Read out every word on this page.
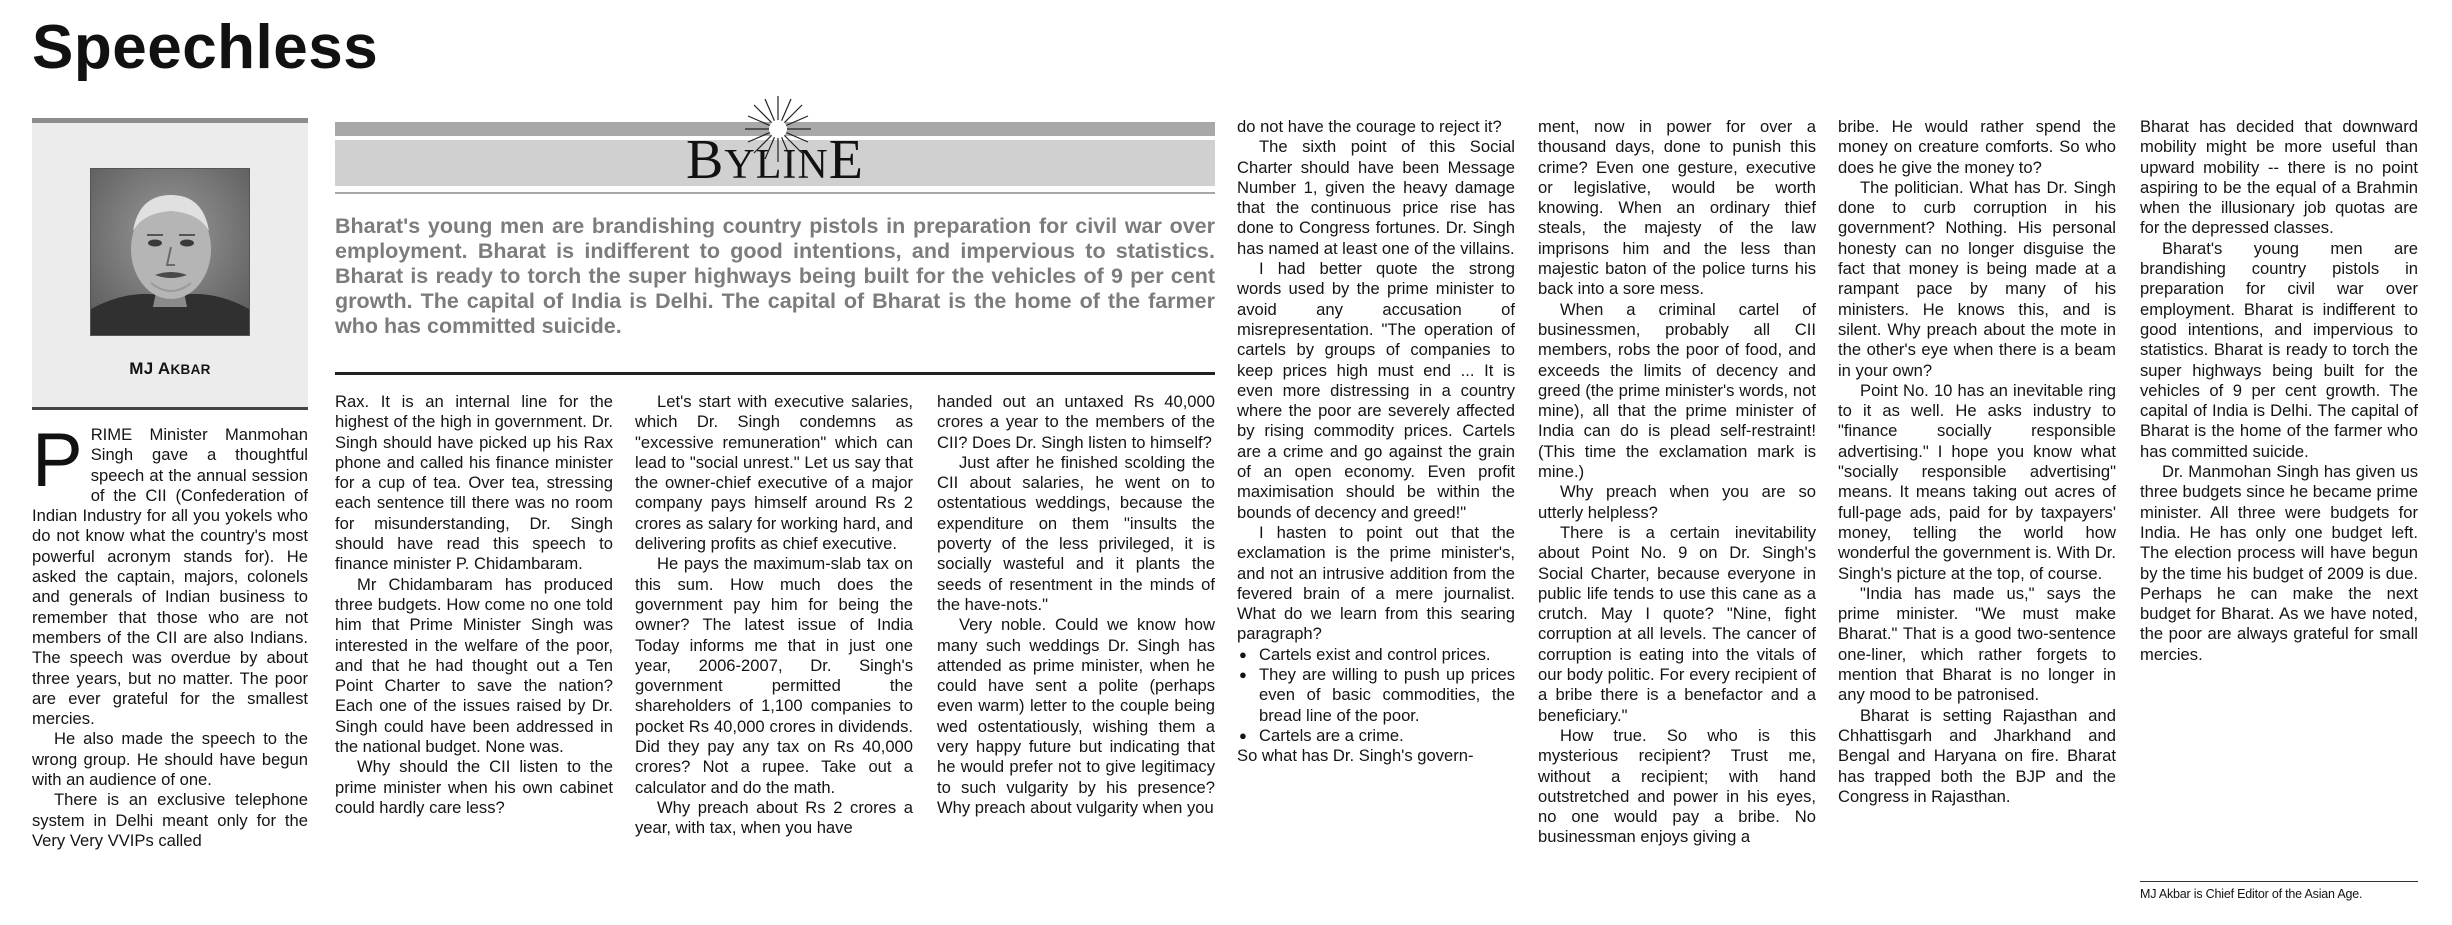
Speechless
MJ AKBAR
BYLINE

Bharat's young men are brandishing country pistols in preparation for civil war over employment. Bharat is indifferent to good intentions, and impervious to statistics. Bharat is ready to torch the super highways being built for the vehicles of 9 per cent growth. The capital of India is Delhi. The capital of Bharat is the home of the farmer who has committed suicide.

PRIME Minister Manmohan Singh gave a thoughtful speech at the annual session of the CII (Confederation of Indian Industry for all you yokels who do not know what the country's most powerful acronym stands for). He asked the captain, majors, colonels and generals of Indian business to remember that those who are not members of the CII are also Indians. The speech was overdue by about three years, but no matter. The poor are ever grateful for the smallest mercies.

He also made the speech to the wrong group. He should have begun with an audience of one.

There is an exclusive telephone system in Delhi meant only for the Very Very VVIPs called

Rax. It is an internal line for the highest of the high in government. Dr. Singh should have picked up his Rax phone and called his finance minister for a cup of tea. Over tea, stressing each sentence till there was no room for misunderstanding, Dr. Singh should have read this speech to finance minister P. Chidambaram.

Mr Chidambaram has produced three budgets. How come no one told him that Prime Minister Singh was interested in the welfare of the poor, and that he had thought out a Ten Point Charter to save the nation? Each one of the issues raised by Dr. Singh could have been addressed in the national budget. None was.

Why should the CII listen to the prime minister when his own cabinet could hardly care less?

Let's start with executive salaries, which Dr. Singh condemns as "excessive remuneration" which can lead to "social unrest." Let us say that the owner-chief executive of a major company pays himself around Rs 2 crores as salary for working hard, and delivering profits as chief executive.

He pays the maximum-slab tax on this sum. How much does the government pay him for being the owner? The latest issue of India Today informs me that in just one year, 2006-2007, Dr. Singh's government permitted the shareholders of 1,100 companies to pocket Rs 40,000 crores in dividends. Did they pay any tax on Rs 40,000 crores? Not a rupee. Take out a calculator and do the math.

Why preach about Rs 2 crores a year, with tax, when you have

handed out an untaxed Rs 40,000 crores a year to the members of the CII? Does Dr. Singh listen to himself?

Just after he finished scolding the CII about salaries, he went on to ostentatious weddings, because the expenditure on them "insults the poverty of the less privileged, it is socially wasteful and it plants the seeds of resentment in the minds of the have-nots."

Very noble. Could we know how many such weddings Dr. Singh has attended as prime minister, when he could have sent a polite (perhaps even warm) letter to the couple being wed ostentatiously, wishing them a very happy future but indicating that he would prefer not to give legitimacy to such vulgarity by his presence? Why preach about vulgarity when you

do not have the courage to reject it?

The sixth point of this Social Charter should have been Message Number 1, given the heavy damage that the continuous price rise has done to Congress fortunes. Dr. Singh has named at least one of the villains.

I had better quote the strong words used by the prime minister to avoid any accusation of misrepresentation. "The operation of cartels by groups of companies to keep prices high must end ... It is even more distressing in a country where the poor are severely affected by rising commodity prices. Cartels are a crime and go against the grain of an open economy. Even profit maximisation should be within the bounds of decency and greed!"

I hasten to point out that the exclamation is the prime minister's, and not an intrusive addition from the fevered brain of a mere journalist. What do we learn from this searing paragraph?

● Cartels exist and control prices.
● They are willing to push up prices even of basic commodities, the bread line of the poor.
● Cartels are a crime.

So what has Dr. Singh's govern-

ment, now in power for over a thousand days, done to punish this crime? Even one gesture, executive or legislative, would be worth knowing. When an ordinary thief steals, the majesty of the law imprisons him and the less than majestic baton of the police turns his back into a sore mess.

When a criminal cartel of businessmen, probably all CII members, robs the poor of food, and exceeds the limits of decency and greed (the prime minister's words, not mine), all that the prime minister of India can do is plead self-restraint! (This time the exclamation mark is mine.)

Why preach when you are so utterly helpless?

There is a certain inevitability about Point No. 9 on Dr. Singh's Social Charter, because everyone in public life tends to use this cane as a crutch. May I quote? "Nine, fight corruption at all levels. The cancer of corruption is eating into the vitals of our body politic. For every recipient of a bribe there is a benefactor and a beneficiary."

How true. So who is this mysterious recipient? Trust me, without a recipient; with hand outstretched and power in his eyes, no one would pay a bribe. No businessman enjoys giving a

bribe. He would rather spend the money on creature comforts. So who does he give the money to?

The politician. What has Dr. Singh done to curb corruption in his government? Nothing. His personal honesty can no longer disguise the fact that money is being made at a rampant pace by many of his ministers. He knows this, and is silent. Why preach about the mote in the other's eye when there is a beam in your own?

Point No. 10 has an inevitable ring to it as well. He asks industry to "finance socially responsible advertising." I hope you know what "socially responsible advertising" means. It means taking out acres of full-page ads, paid for by taxpayers' money, telling the world how wonderful the government is. With Dr. Singh's picture at the top, of course.

"India has made us," says the prime minister. "We must make Bharat." That is a good two-sentence one-liner, which rather forgets to mention that Bharat is no longer in any mood to be patronised.

Bharat is setting Rajasthan and Chhattisgarh and Jharkhand and Bengal and Haryana on fire. Bharat has trapped both the BJP and the Congress in Rajasthan.

Bharat has decided that downward mobility might be more useful than upward mobility -- there is no point aspiring to be the equal of a Brahmin when the illusionary job quotas are for the depressed classes.

Bharat's young men are brandishing country pistols in preparation for civil war over employment. Bharat is indifferent to good intentions, and impervious to statistics. Bharat is ready to torch the super highways being built for the vehicles of 9 per cent growth. The capital of India is Delhi. The capital of Bharat is the home of the farmer who has committed suicide.

Dr. Manmohan Singh has given us three budgets since he became prime minister. All three were budgets for India. He has only one budget left. The election process will have begun by the time his budget of 2009 is due. Perhaps he can make the next budget for Bharat. As we have noted, the poor are always grateful for small mercies.

MJ Akbar is Chief Editor of the Asian Age.
